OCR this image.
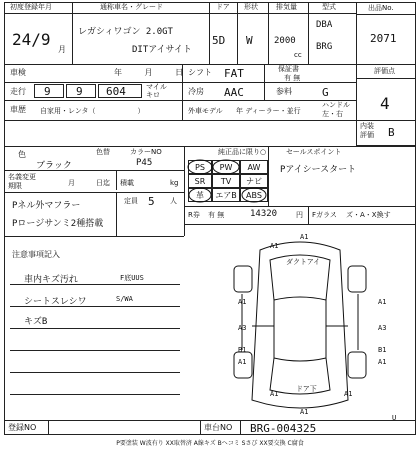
初度登録年月
24/9
月
通称車名・グレード
レガシィワゴン 2.0GT
DITアイサイト
ドア
5D
形状
W
排気量
2000
cc
型式
DBA
BRG
出品No.
2071
車検	年 月 日
シフト FAT	保証書
有 無
評価点
4
走行 9 9 604	マイル
キロ	冷房 AAC	参料	G
車歴 自家用・レンタ（　　　　　　）	外車モデル 年 ディーラー・並行
ハンドル
左・右
内装
評価 B
色	色替
ブラック
カラーNO
P45
純正品に限り○
PS	PW	AW
SR	TV	ナビ
革	エアB	ABS
セールスポイント
Pアイシースタート
名義変更
期限	月	日迄 積載	kg
Pネル外マフラー
Pロージサンミ2種搭載
定員 5 人
R券 有 無	14320	円 Fガラス ズ・A・X換す
注意事項記入
車内キズ汚れ	F底UUS
シートスレシワ	S/WA
キズB
A1
A1
A1	A1
A3	A3
B1	B1
A1	A1
A1
A1	A1
U
ダクトアイ
ドア下
登録NO	車台NO BRG-004325
P要塗装 W波有り XX取替済 A線キズ Bヘコミ Sさび XX要交換 C腐食
